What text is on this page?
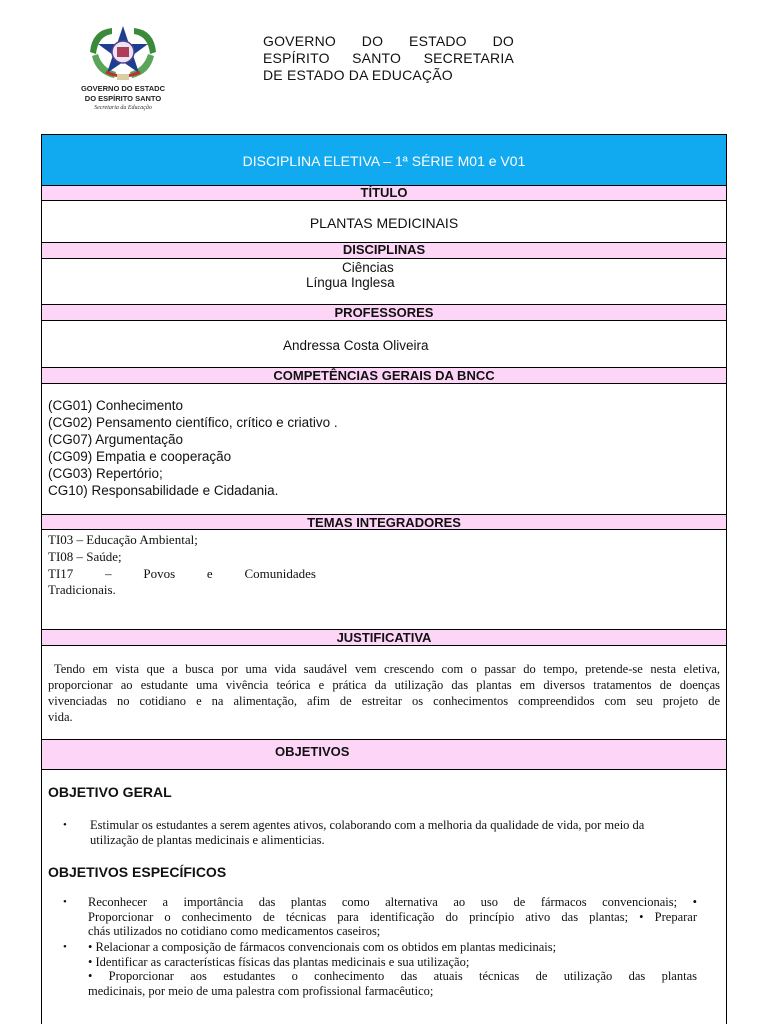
GOVERNO DO ESTADC
DO ESPÍRITO SANTO
Secretaria da Educação
GOVERNO DO ESTADO DO
ESPÍRITO SANTO SECRETARIA
DE ESTADO DA EDUCAÇÃO
DISCIPLINA ELETIVA – 1ª SÉRIE M01 e V01
TÍTULO
PLANTAS MEDICINAIS
DISCIPLINAS
Ciências
Língua Inglesa
PROFESSORES
Andressa Costa Oliveira
COMPETÊNCIAS GERAIS DA BNCC
(CG01) Conhecimento
(CG02) Pensamento científico, crítico e criativo .
(CG07) Argumentação
(CG09) Empatia e cooperação
(CG03) Repertório;
CG10) Responsabilidade e Cidadania.
TEMAS INTEGRADORES
TI03 – Educação Ambiental;
TI08 – Saúde;
TI17 – Povos e Comunidades
Tradicionais.
JUSTIFICATIVA
Tendo em vista que a busca por uma vida saudável vem crescendo com o passar do tempo, pretende-se nesta eletiva,
proporcionar ao estudante uma vivência teórica e prática da utilização das plantas em diversos tratamentos de doenças
vivenciadas no cotidiano e na alimentação, afim de estreitar os conhecimentos compreendidos com seu projeto de
vida.
OBJETIVOS
OBJETIVO GERAL
• Estimular os estudantes a serem agentes ativos, colaborando com a melhoria da qualidade de vida, por meio da
utilização de plantas medicinais e alimenticias.
OBJETIVOS ESPECÍFICOS
• Reconhecer a importância das plantas como alternativa ao uso de fármacos convencionais; •
Proporcionar o conhecimento de técnicas para identificação do princípio ativo das plantas; • Preparar
chás utilizados no cotidiano como medicamentos caseiros;
• • Relacionar a composição de fármacos convencionais com os obtidos em plantas medicinais;
• Identificar as características físicas das plantas medicinais e sua utilização;
• Proporcionar aos estudantes o conhecimento das atuais técnicas de utilização das plantas
medicinais, por meio de uma palestra com profissional farmacêutico;
